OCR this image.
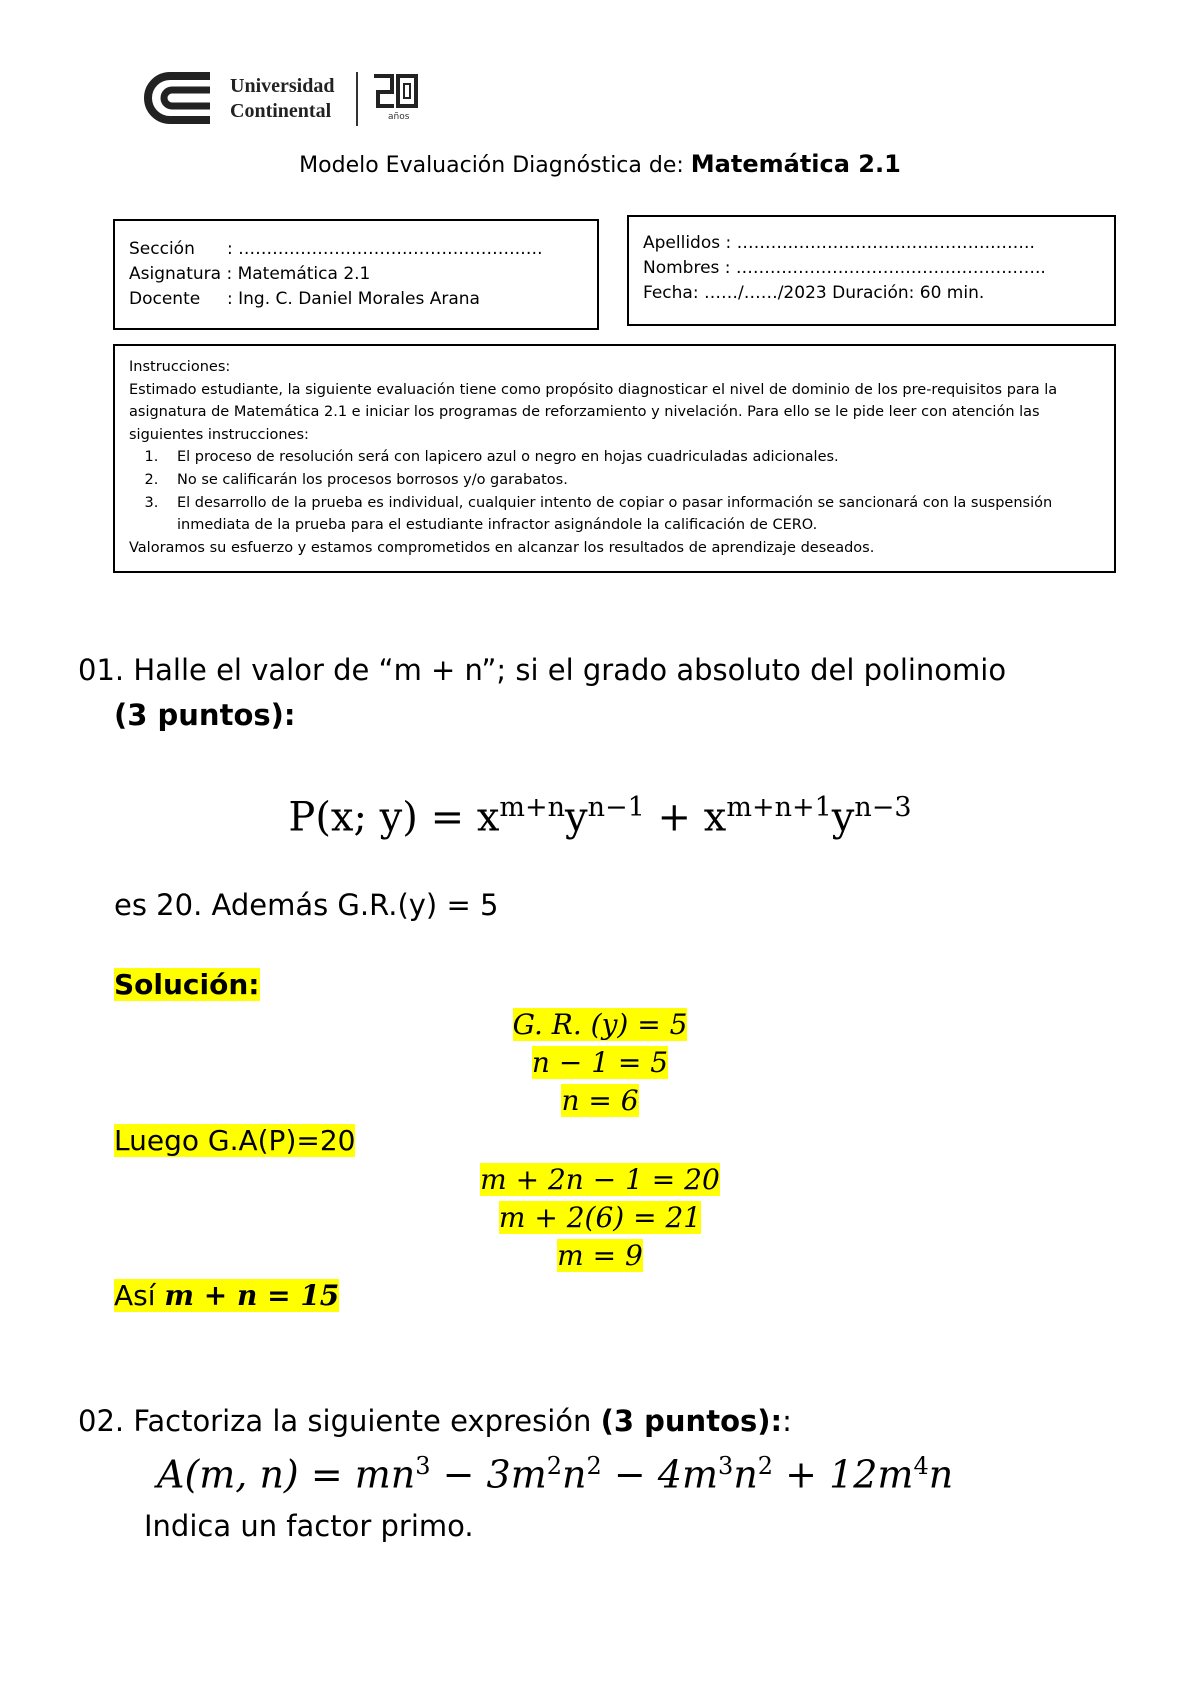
Universidad
Continental	años
Modelo Evaluación Diagnóstica de: Matemática 2.1
Sección : ……….……….……….……….……….….
Asignatura : Matemática 2.1
Docente : Ing. C. Daniel Morales Arana
Apellidos : ……….……….……….…..……….……..
Nombres : ……….……….……….……….……….…..
Fecha: ……/……/2023 Duración: 60 min.
Instrucciones:
Estimado estudiante, la siguiente evaluación tiene como propósito diagnosticar el nivel de dominio de los pre-requisitos para la asignatura de Matemática 2.1 e iniciar los programas de reforzamiento y nivelación. Para ello se le pide leer con atención las siguientes instrucciones:
1. El proceso de resolución será con lapicero azul o negro en hojas cuadriculadas adicionales.
2. No se calificarán los procesos borrosos y/o garabatos.
3. El desarrollo de la prueba es individual, cualquier intento de copiar o pasar información se sancionará con la suspensión inmediata de la prueba para el estudiante infractor asignándole la calificación de CERO.
Valoramos su esfuerzo y estamos comprometidos en alcanzar los resultados de aprendizaje deseados.
01. Halle el valor de “m + n”; si el grado absoluto del polinomio
(3 puntos):
P(x; $y) = x^{m+n}y^{n-1} + x^{m+n+1}y^{n-3}$
es 20. Además G.R.(y) = 5
Solución:
G. R. (y) = 5
n − 1 = 5
n = 6
Luego G.A(P)=20
m + 2n − 1 = 20
m + 2(6) = 21
m = 9
Así m + n = 15
02. Factoriza la siguiente expresión (3 puntos)::
A(m, $n) = mn^3 - 3m^2n^2 - 4m^3n^2 + 12m^4n$
Indica un factor primo.
